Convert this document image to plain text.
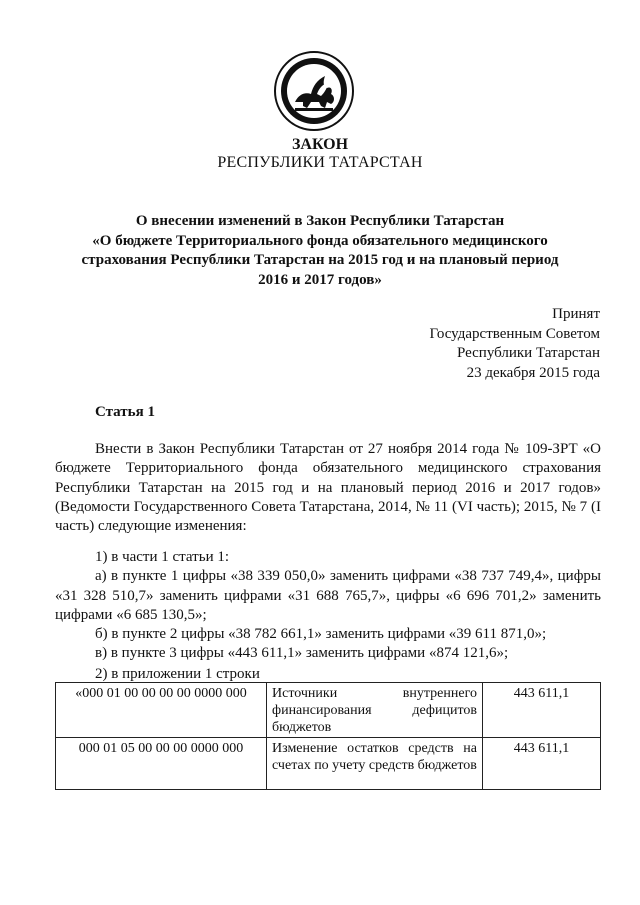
ЗАКОН
РЕСПУБЛИКИ ТАТАРСТАН
О внесении изменений в Закон Республики Татарстан
«О бюджете Территориального фонда обязательного медицинского
страхования Республики Татарстан на 2015 год и на плановый период
2016 и 2017 годов»
Принят
Государственным Советом
Республики Татарстан
23 декабря 2015 года
Статья 1
Внести в Закон Республики Татарстан от 27 ноября 2014 года № 109-ЗРТ «О бюджете Территориального фонда обязательного медицинского страхования Республики Татарстан на 2015 год и на плановый период 2016 и 2017 годов» (Ведомости Государственного Совета Татарстана, 2014, № 11 (VI часть); 2015, № 7 (I часть) следующие изменения:
1) в части 1 статьи 1:
а) в пункте 1 цифры «38 339 050,0» заменить цифрами «38 737 749,4», цифры «31 328 510,7» заменить цифрами «31 688 765,7», цифры «6 696 701,2» заменить цифрами «6 685 130,5»;
б) в пункте 2 цифры «38 782 661,1» заменить цифрами «39 611 871,0»;
в) в пункте 3 цифры «443 611,1» заменить цифрами «874 121,6»;
2) в приложении 1 строки
«000 01 00 00 00 00 0000 000	Источники внутреннего финансирования дефицитов бюджетов	443 611,1
000 01 05 00 00 00 0000 000	Изменение остатков средств на счетах по учету средств бюджетов	443 611,1
